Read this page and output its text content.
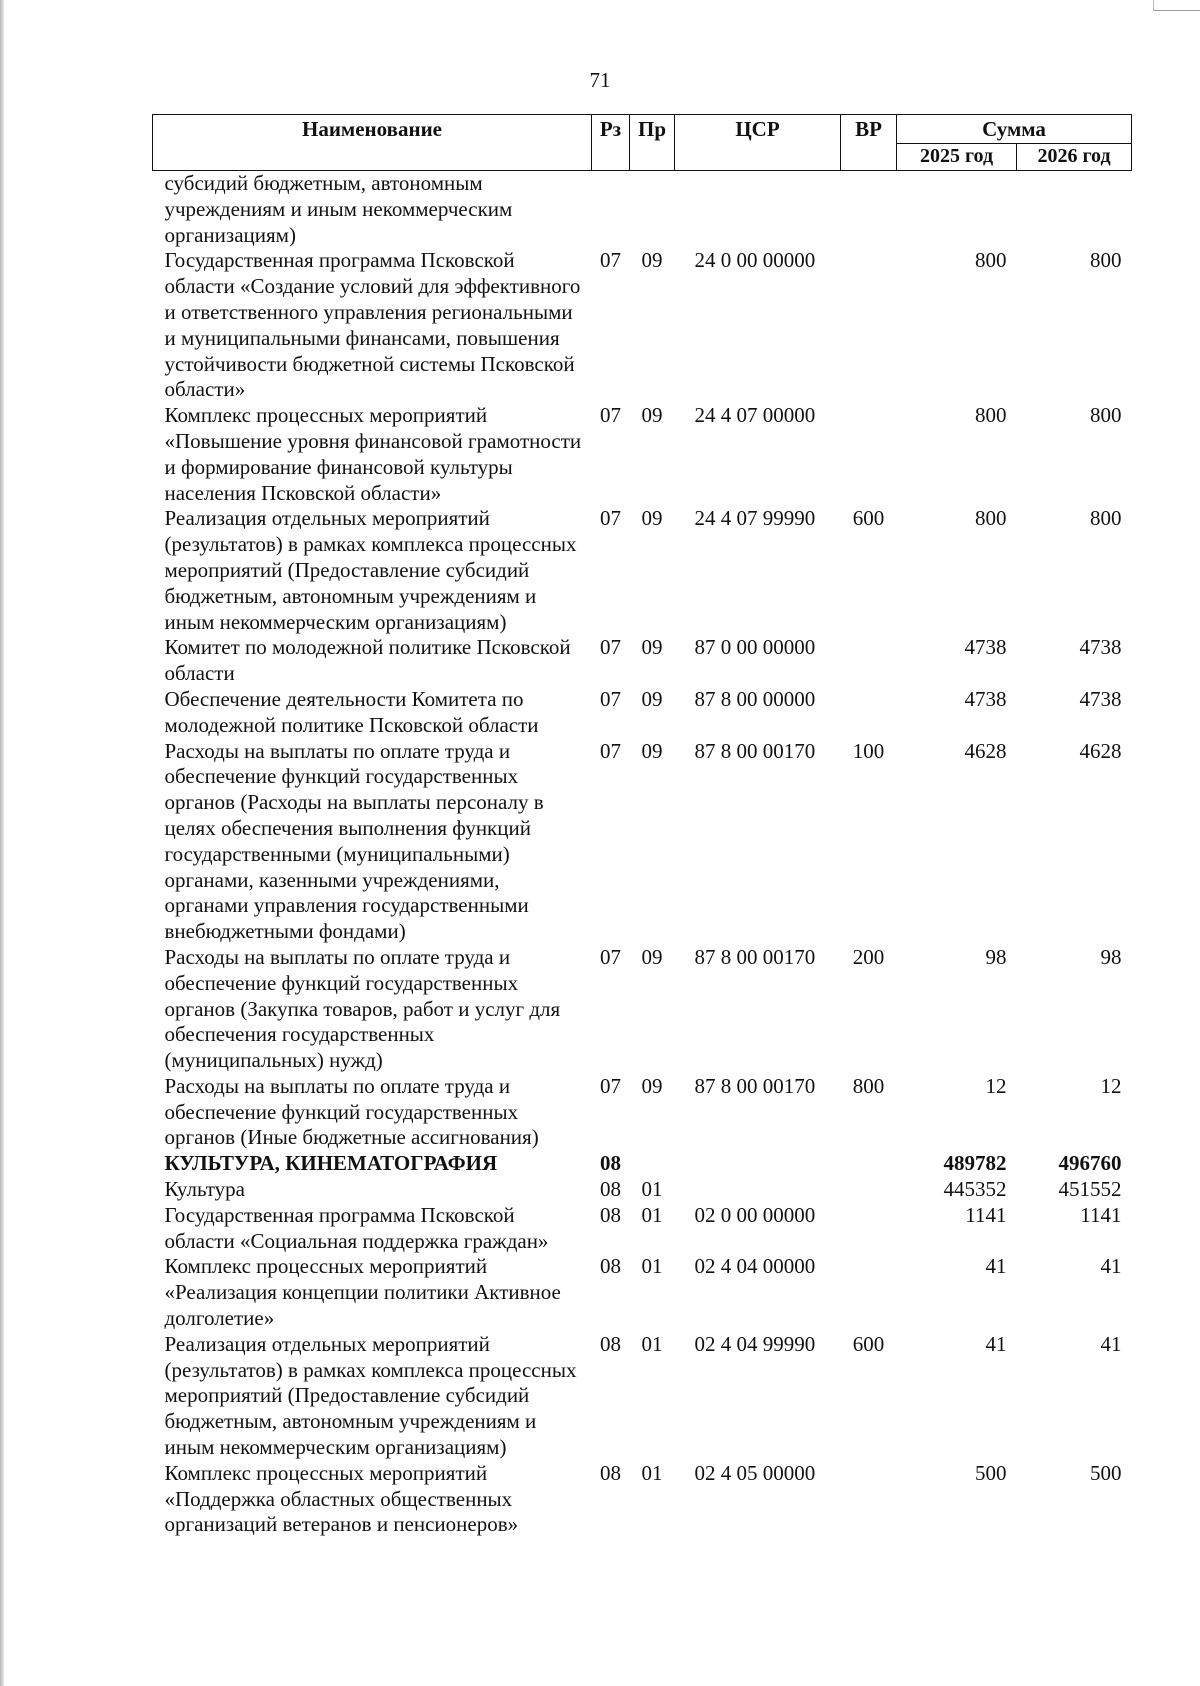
71
Наименование	Рз	Пр	ЦСР	ВР	Сумма	
					2025 год	2026 год
субсидий бюджетным, автономным учреждениям и иным некоммерческим организациям)						
Государственная программа Псковской области «Создание условий для эффективного и ответственного управления региональными и муниципальными финансами, повышения устойчивости бюджетной системы Псковской области»	07	09	24 0 00 00000		800	800
Комплекс процессных мероприятий «Повышение уровня финансовой грамотности и формирование финансовой культуры населения Псковской области»	07	09	24 4 07 00000		800	800
Реализация отдельных мероприятий (результатов) в рамках комплекса процессных мероприятий (Предоставление субсидий бюджетным, автономным учреждениям и иным некоммерческим организациям)	07	09	24 4 07 99990	600	800	800
Комитет по молодежной политике Псковской области	07	09	87 0 00 00000		4738	4738
Обеспечение деятельности Комитета по молодежной политике Псковской области	07	09	87 8 00 00000		4738	4738
Расходы на выплаты по оплате труда и обеспечение функций государственных органов (Расходы на выплаты персоналу в целях обеспечения выполнения функций государственными (муниципальными) органами, казенными учреждениями, органами управления государственными внебюджетными фондами)	07	09	87 8 00 00170	100	4628	4628
Расходы на выплаты по оплате труда и обеспечение функций государственных органов (Закупка товаров, работ и услуг для обеспечения государственных (муниципальных) нужд)	07	09	87 8 00 00170	200	98	98
Расходы на выплаты по оплате труда и обеспечение функций государственных органов (Иные бюджетные ассигнования)	07	09	87 8 00 00170	800	12	12
КУЛЬТУРА, КИНЕМАТОГРАФИЯ	08				489782	496760
Культура	08	01			445352	451552
Государственная программа Псковской области «Социальная поддержка граждан»	08	01	02 0 00 00000		1141	1141
Комплекс процессных мероприятий «Реализация концепции политики Активное долголетие»	08	01	02 4 04 00000		41	41
Реализация отдельных мероприятий (результатов) в рамках комплекса процессных мероприятий (Предоставление субсидий бюджетным, автономным учреждениям и иным некоммерческим организациям)	08	01	02 4 04 99990	600	41	41
Комплекс процессных мероприятий «Поддержка областных общественных организаций ветеранов и пенсионеров»	08	01	02 4 05 00000		500	500
